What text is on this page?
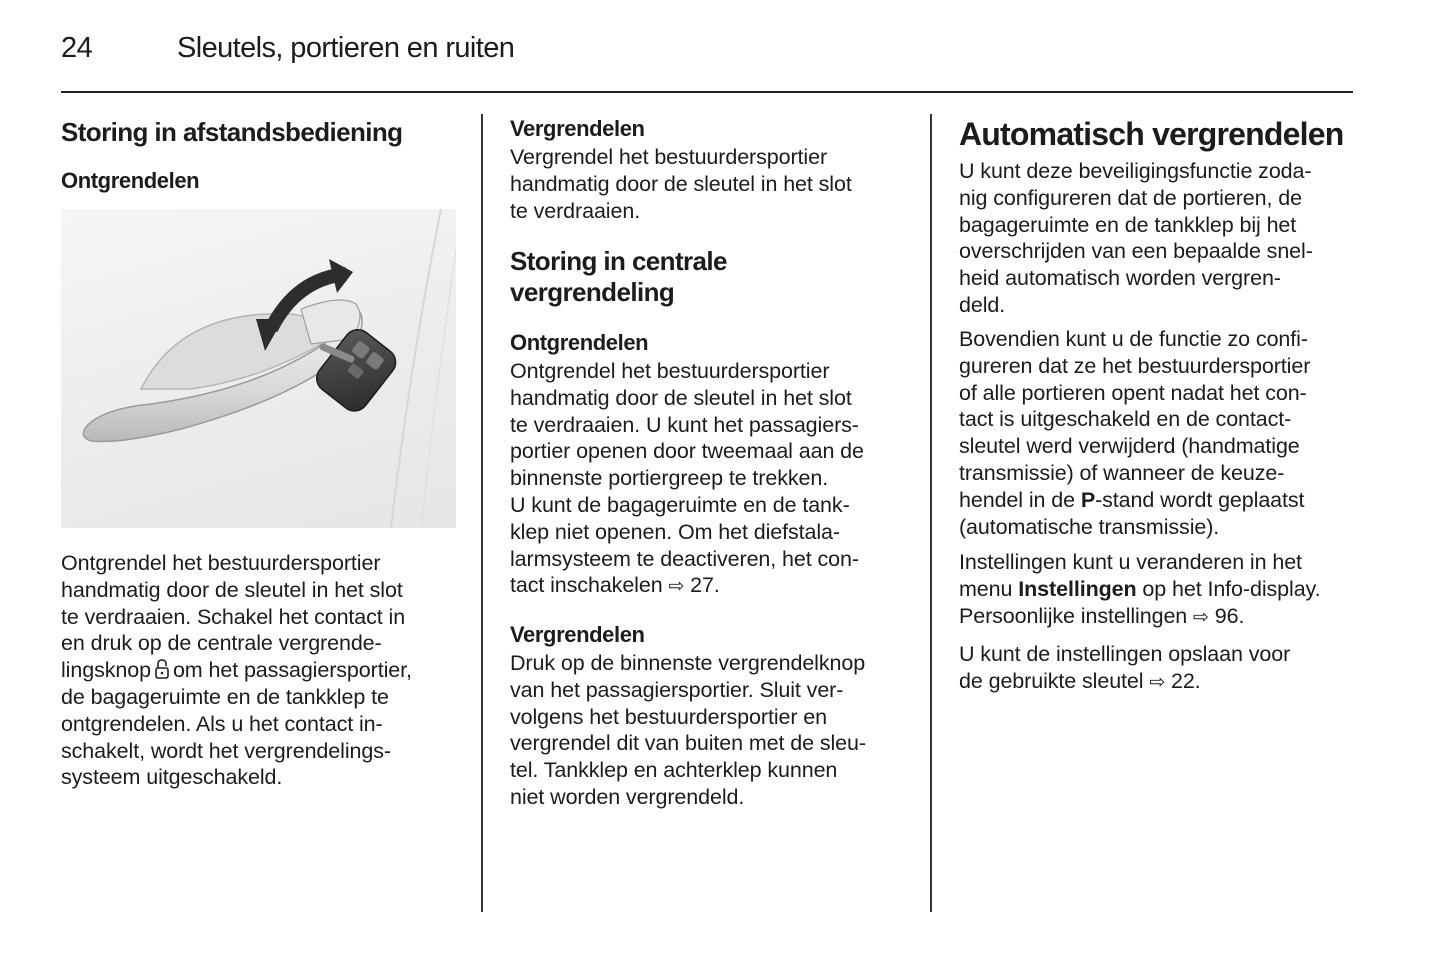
24	Sleutels, portieren en ruiten
Storing in afstandsbediening
Ontgrendelen
Ontgrendel het bestuurdersportier
handmatig door de sleutel in het slot
te verdraaien. Schakel het contact in
en druk op de centrale vergrende-
lingsknop om het passagiersportier,
de bagageruimte en de tankklep te
ontgrendelen. Als u het contact in-
schakelt, wordt het vergrendelings-
systeem uitgeschakeld.
Vergrendelen
Vergrendel het bestuurdersportier
handmatig door de sleutel in het slot
te verdraaien.
Storing in centrale
vergrendeling
Ontgrendelen
Ontgrendel het bestuurdersportier
handmatig door de sleutel in het slot
te verdraaien. U kunt het passagiers-
portier openen door tweemaal aan de
binnenste portiergreep te trekken.
U kunt de bagageruimte en de tank-
klep niet openen. Om het diefstala-
larmsysteem te deactiveren, het con-
tact inschakelen ⇨ 27.
Vergrendelen
Druk op de binnenste vergrendelknop
van het passagiersportier. Sluit ver-
volgens het bestuurdersportier en
vergrendel dit van buiten met de sleu-
tel. Tankklep en achterklep kunnen
niet worden vergrendeld.
Automatisch vergrendelen
U kunt deze beveiligingsfunctie zoda-
nig configureren dat de portieren, de
bagageruimte en de tankklep bij het
overschrijden van een bepaalde snel-
heid automatisch worden vergren-
deld.
Bovendien kunt u de functie zo confi-
gureren dat ze het bestuurdersportier
of alle portieren opent nadat het con-
tact is uitgeschakeld en de contact-
sleutel werd verwijderd (handmatige
transmissie) of wanneer de keuze-
hendel in de P-stand wordt geplaatst
(automatische transmissie).
Instellingen kunt u veranderen in het
menu Instellingen op het Info-display.
Persoonlijke instellingen ⇨ 96.
U kunt de instellingen opslaan voor
de gebruikte sleutel ⇨ 22.
